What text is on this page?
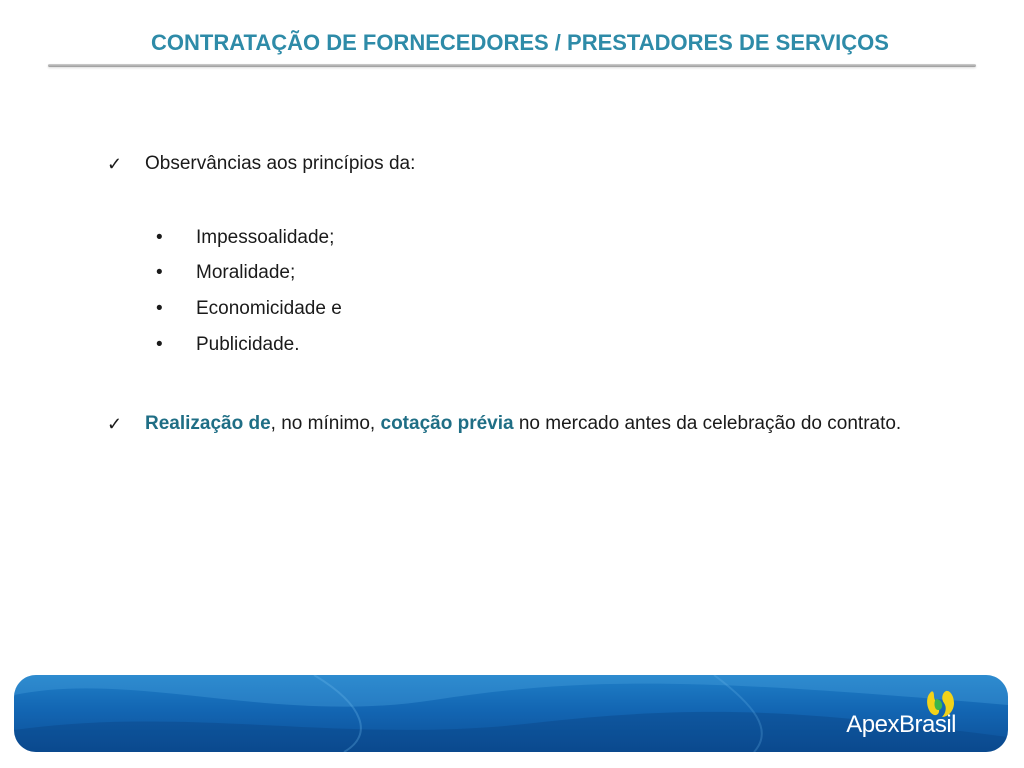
CONTRATAÇÃO DE FORNECEDORES / PRESTADORES DE SERVIÇOS
✓	Observâncias aos princípios da:
•	Impessoalidade;
•	Moralidade;
•	Economicidade e
•	Publicidade.
✓	Realização de, no mínimo, cotação prévia no mercado antes da celebração do contrato.
ApexBrasil
